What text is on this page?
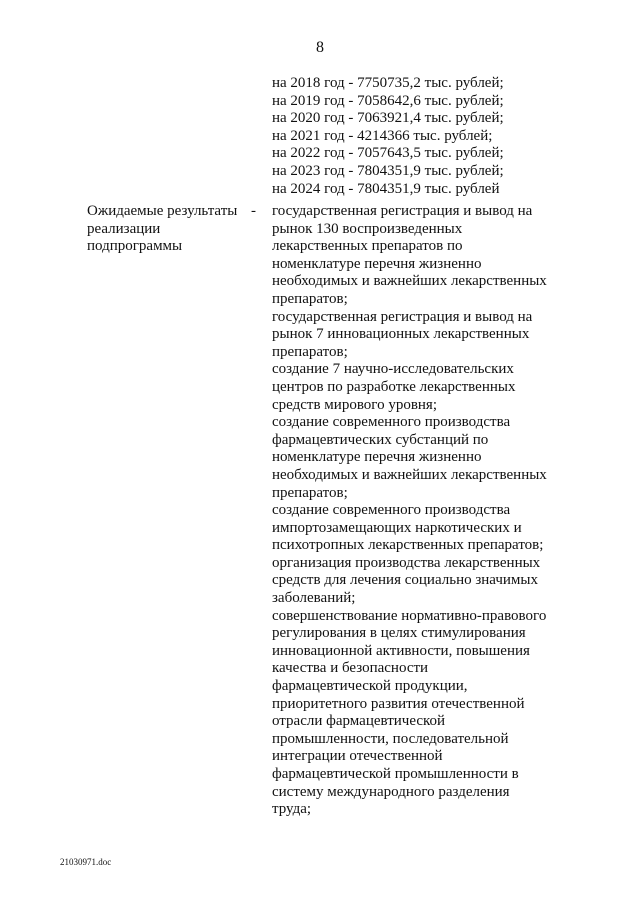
8
на 2018 год - 7750735,2 тыс. рублей;
на 2019 год - 7058642,6 тыс. рублей;
на 2020 год - 7063921,4 тыс. рублей;
на 2021 год - 4214366 тыс. рублей;
на 2022 год - 7057643,5 тыс. рублей;
на 2023 год - 7804351,9 тыс. рублей;
на 2024 год - 7804351,9 тыс. рублей
Ожидаемые результаты
реализации
подпрограммы
- государственная регистрация и вывод на
рынок 130 воспроизведенных
лекарственных препаратов по
номенклатуре перечня жизненно
необходимых и важнейших лекарственных
препаратов;
государственная регистрация и вывод на
рынок 7 инновационных лекарственных
препаратов;
создание 7 научно-исследовательских
центров по разработке лекарственных
средств мирового уровня;
создание современного производства
фармацевтических субстанций по
номенклатуре перечня жизненно
необходимых и важнейших лекарственных
препаратов;
создание современного производства
импортозамещающих наркотических и
психотропных лекарственных препаратов;
организация производства лекарственных
средств для лечения социально значимых
заболеваний;
совершенствование нормативно-правового
регулирования в целях стимулирования
инновационной активности, повышения
качества и безопасности
фармацевтической продукции,
приоритетного развития отечественной
отрасли фармацевтической
промышленности, последовательной
интеграции отечественной
фармацевтической промышленности в
систему международного разделения
труда;
21030971.doc
